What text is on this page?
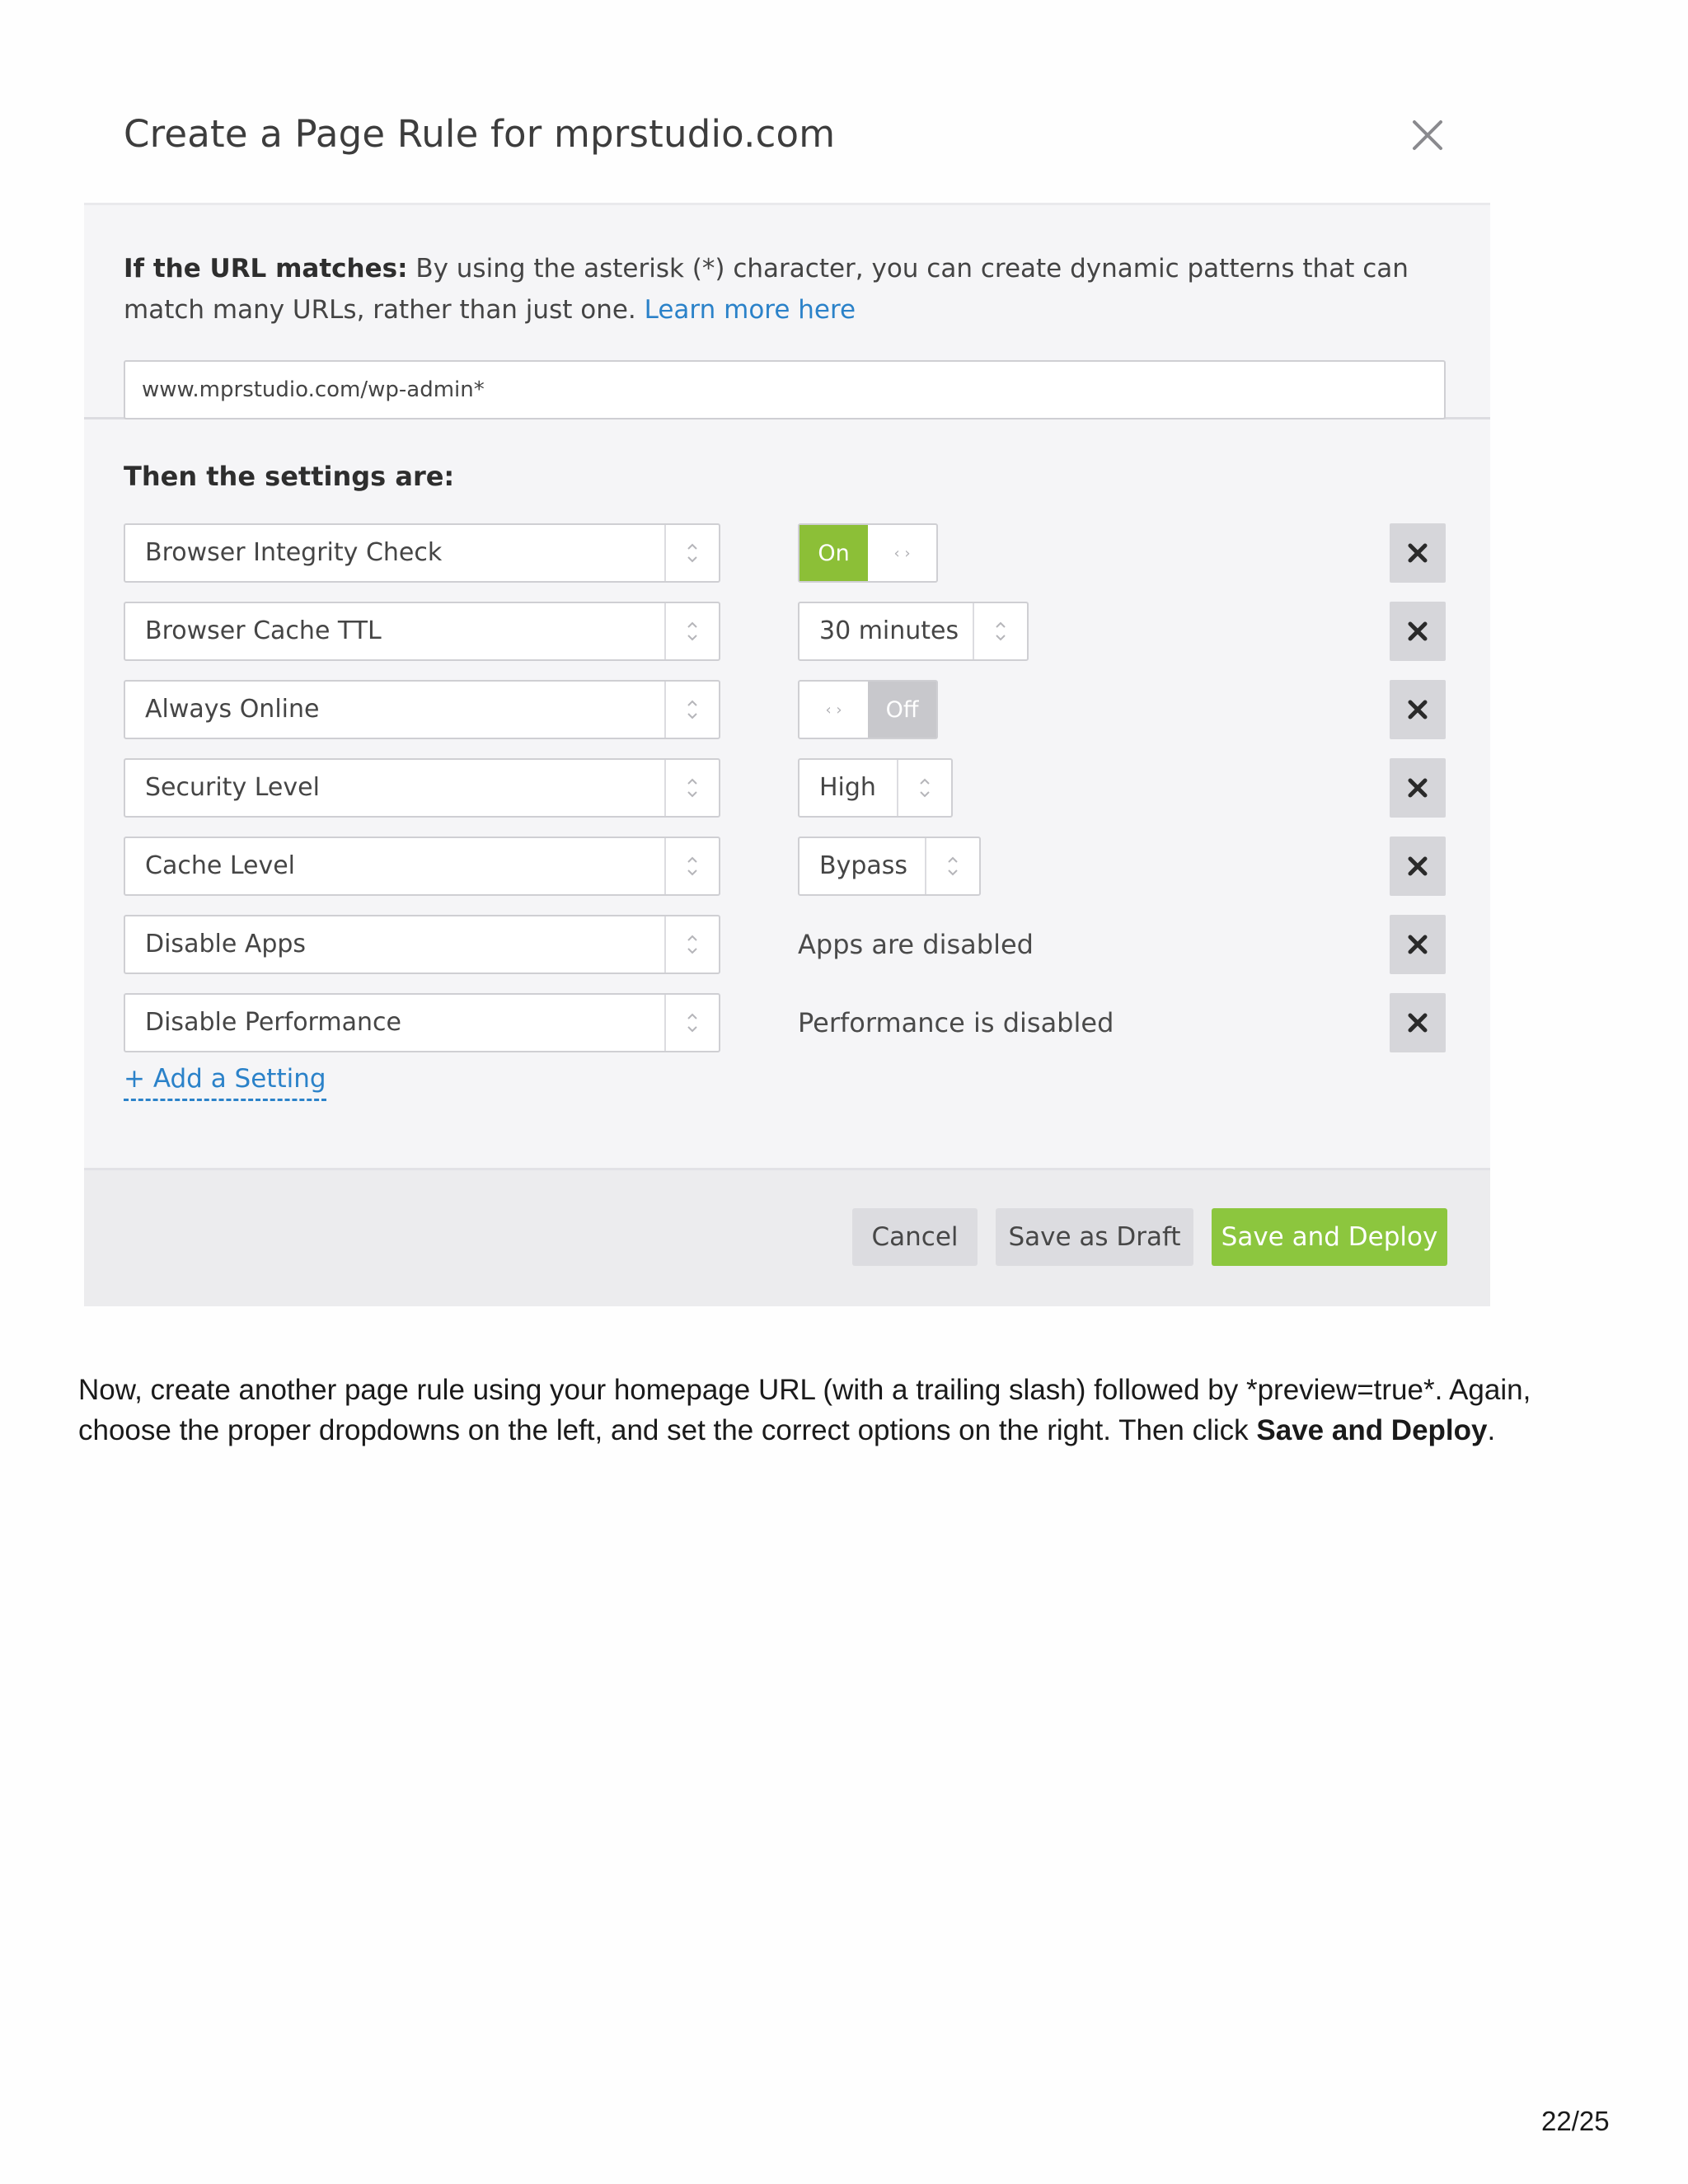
Create a Page Rule for mprstudio.com
If the URL matches: By using the asterisk (*) character, you can create dynamic patterns that can match many URLs, rather than just one. Learn more here
www.mprstudio.com/wp-admin*
Then the settings are:
Browser Integrity Check	On	‹ ›
Browser Cache TTL	30 minutes
Always Online	‹ ›	Off
Security Level	High
Cache Level	Bypass
Disable Apps	Apps are disabled
Disable Performance	Performance is disabled
+ Add a Setting
Cancel	Save as Draft	Save and Deploy
Now, create another page rule using your homepage URL (with a trailing slash) followed by *preview=true*. Again, choose the proper dropdowns on the left, and set the correct options on the right. Then click Save and Deploy.
22/25
